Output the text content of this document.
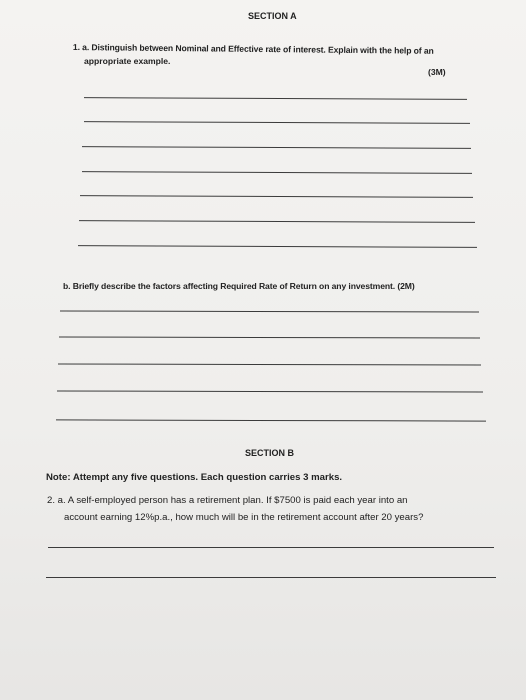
SECTION A
1. a. Distinguish between Nominal and Effective rate of interest. Explain with the help of an
appropriate example.
(3M)
b. Briefly describe the factors affecting Required Rate of Return on any investment. (2M)
SECTION B
Note: Attempt any five questions. Each question carries 3 marks.
2. a. A self-employed person has a retirement plan. If $7500 is paid each year into an
account earning 12%p.a., how much will be in the retirement account after 20 years?
